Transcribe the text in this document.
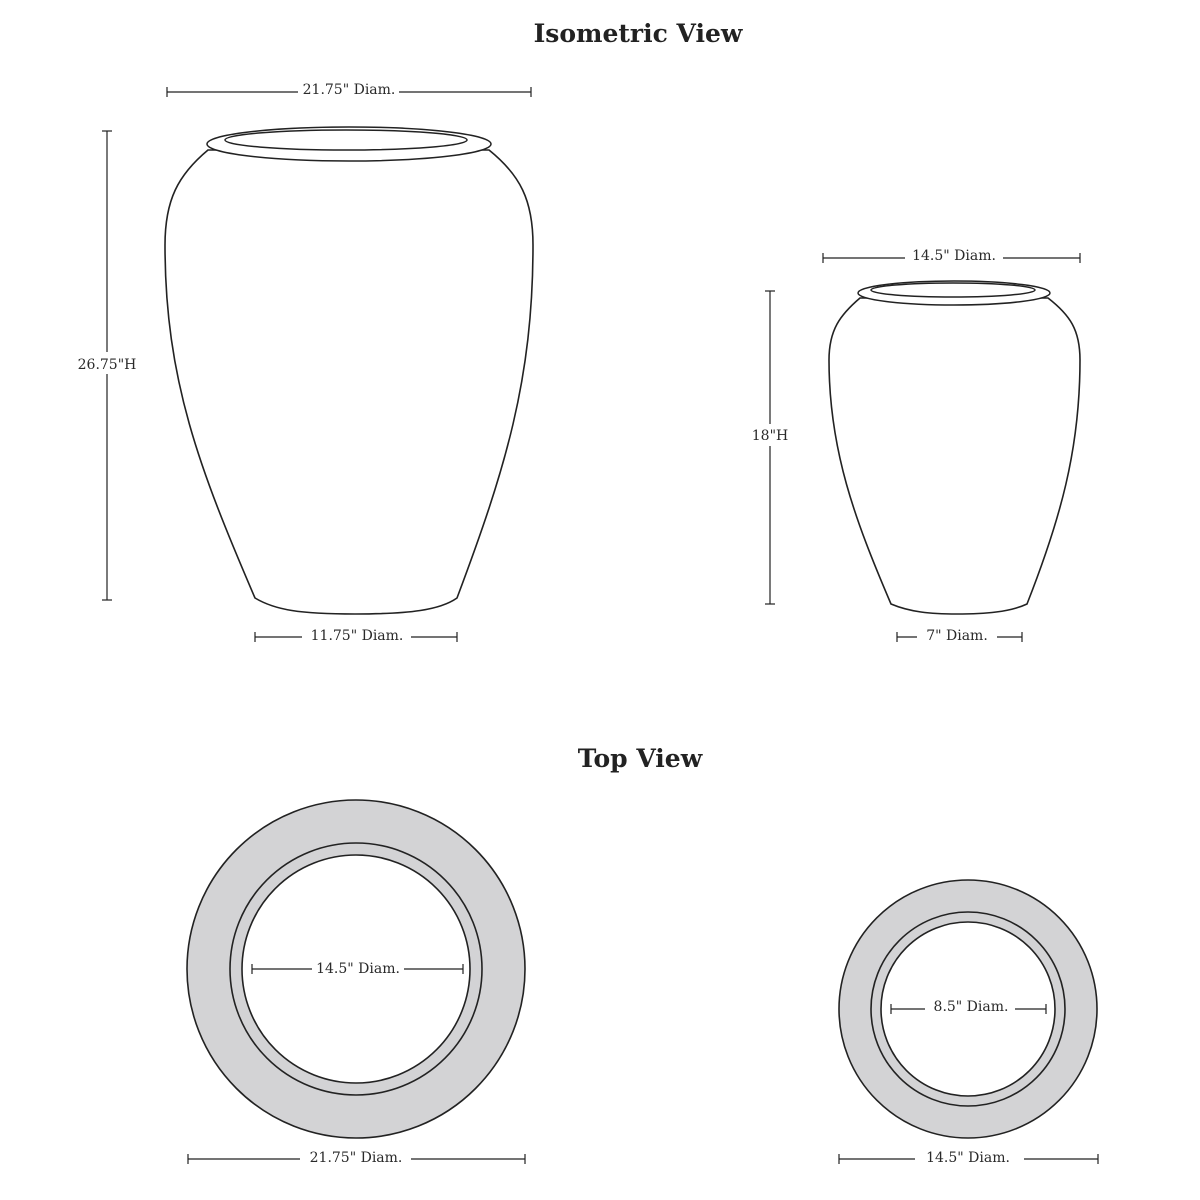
Isometric View
Top View
21.75" Diam.
26.75"H
11.75" Diam.
14.5" Diam.
18"H
7" Diam.
14.5" Diam.
21.75" Diam.
8.5" Diam.
14.5" Diam.
